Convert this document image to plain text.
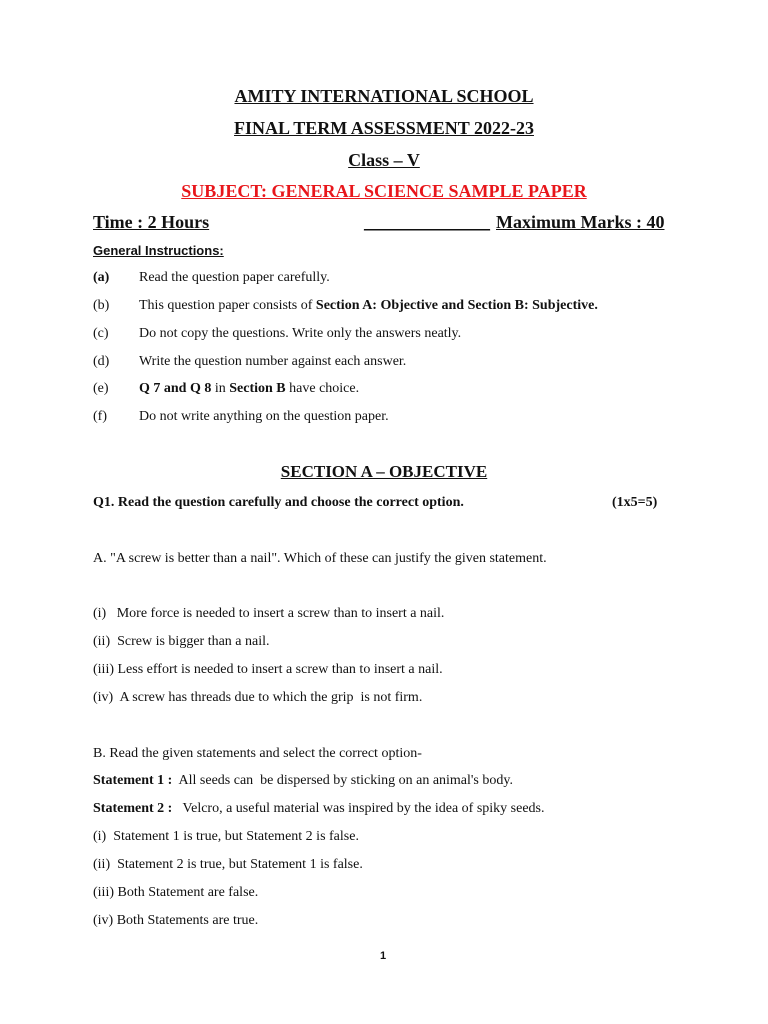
AMITY INTERNATIONAL SCHOOL
FINAL TERM ASSESSMENT 2022-23
Class – V
SUBJECT: GENERAL SCIENCE SAMPLE PAPER
Time : 2 Hours	______________ Maximum Marks : 40
General Instructions:
(a) Read the question paper carefully.
(b) This question paper consists of Section A: Objective and Section B: Subjective.
(c) Do not copy the questions. Write only the answers neatly.
(d) Write the question number against each answer.
(e) Q 7 and Q 8 in Section B have choice.
(f) Do not write anything on the question paper.
SECTION A – OBJECTIVE
Q1. Read the question carefully and choose the correct option.	(1x5=5)
A. "A screw is better than a nail". Which of these can justify the given statement.
(i)   More force is needed to insert a screw than to insert a nail.
(ii)  Screw is bigger than a nail.
(iii) Less effort is needed to insert a screw than to insert a nail.
(iv)  A screw has threads due to which the grip  is not firm.
B. Read the given statements and select the correct option-
Statement 1 :  All seeds can  be dispersed by sticking on an animal's body.
Statement 2 :   Velcro, a useful material was inspired by the idea of spiky seeds.
(i)  Statement 1 is true, but Statement 2 is false.
(ii)  Statement 2 is true, but Statement 1 is false.
(iii) Both Statement are false.
(iv) Both Statements are true.
1
